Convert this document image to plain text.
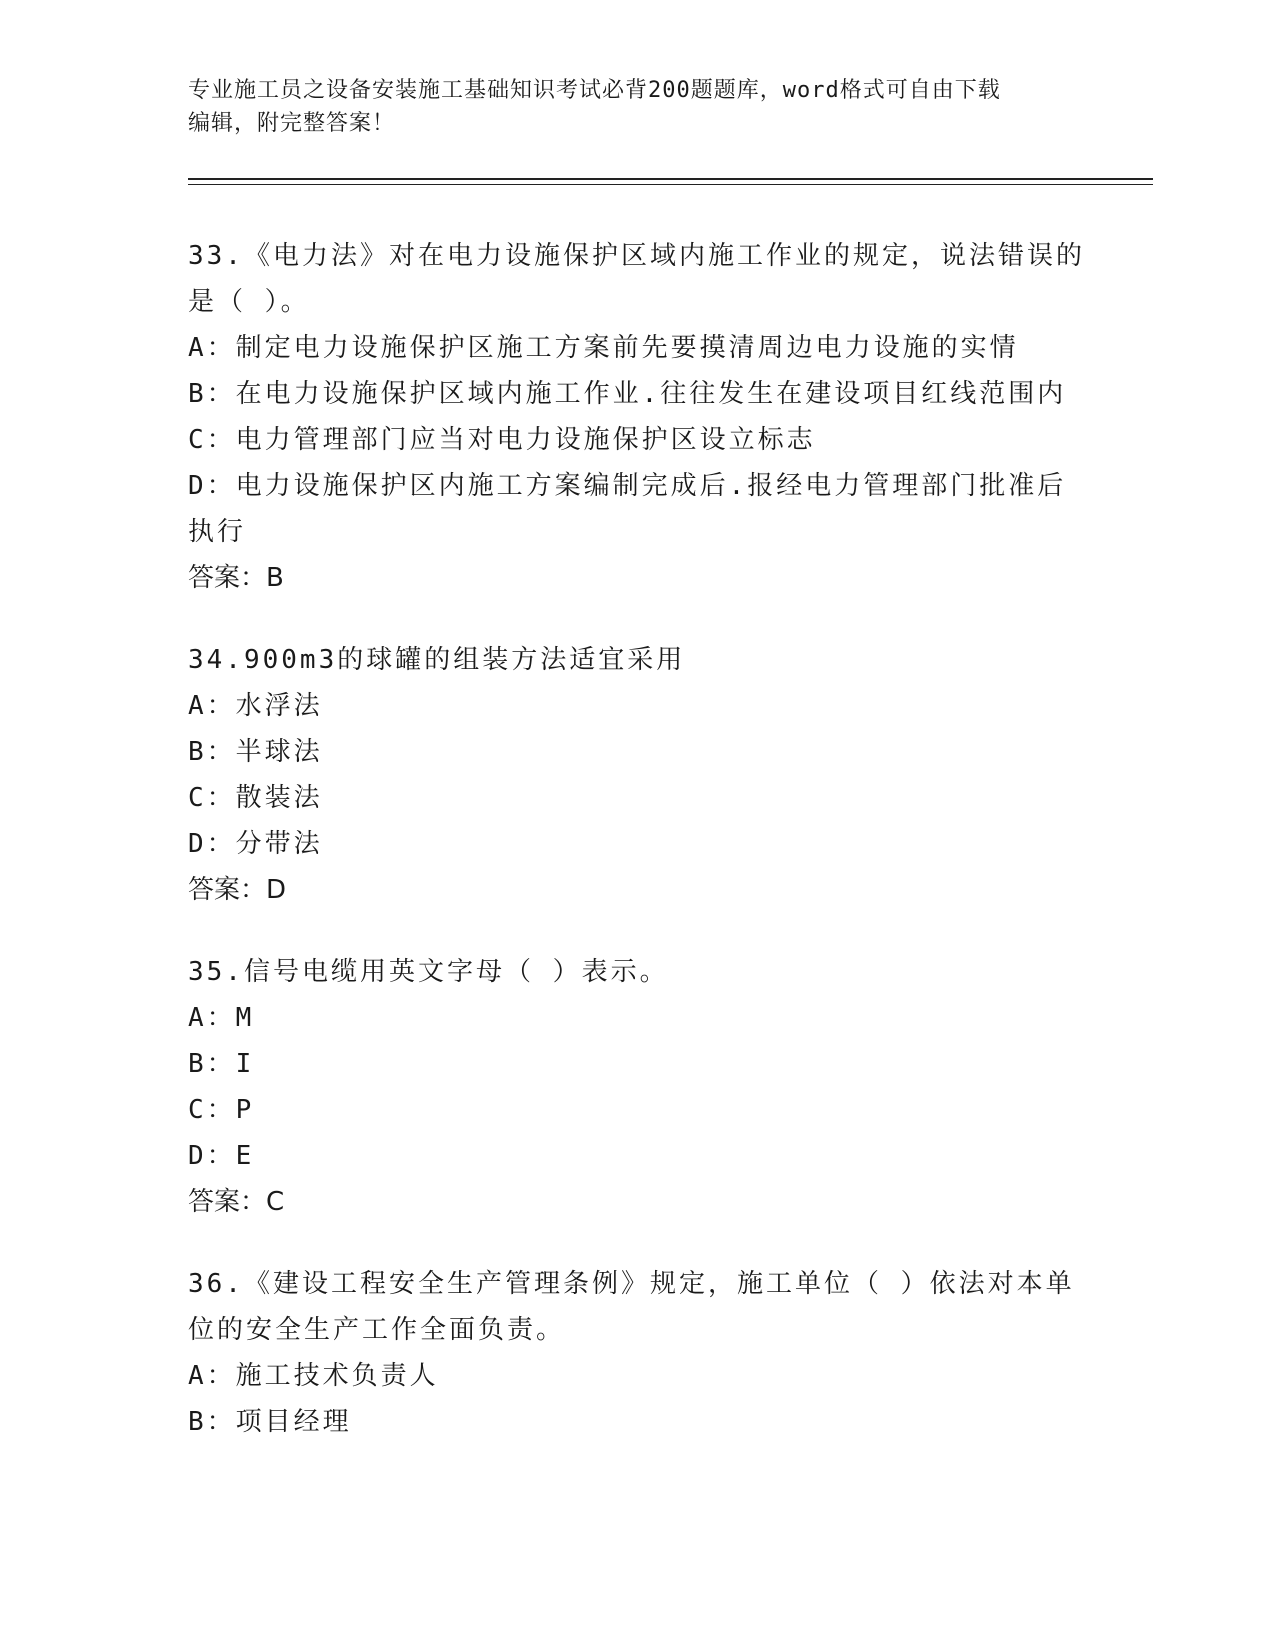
专业施工员之设备安装施工基础知识考试必背200题题库，word格式可自由下载
编辑，附完整答案！

33.《电力法》对在电力设施保护区域内施工作业的规定，说法错误的

是（ ）。

A：制定电力设施保护区施工方案前先要摸清周边电力设施的实情

B：在电力设施保护区域内施工作业.往往发生在建设项目红线范围内

C：电力管理部门应当对电力设施保护区设立标志

D：电力设施保护区内施工方案编制完成后.报经电力管理部门批准后

执行

答案：B

34.900m3的球罐的组装方法适宜采用

A：水浮法

B：半球法

C：散装法

D：分带法

答案：D

35.信号电缆用英文字母（ ）表示。

A：M

B：I

C：P

D：E

答案：C

36.《建设工程安全生产管理条例》规定，施工单位（ ）依法对本单

位的安全生产工作全面负责。

A：施工技术负责人

B：项目经理
